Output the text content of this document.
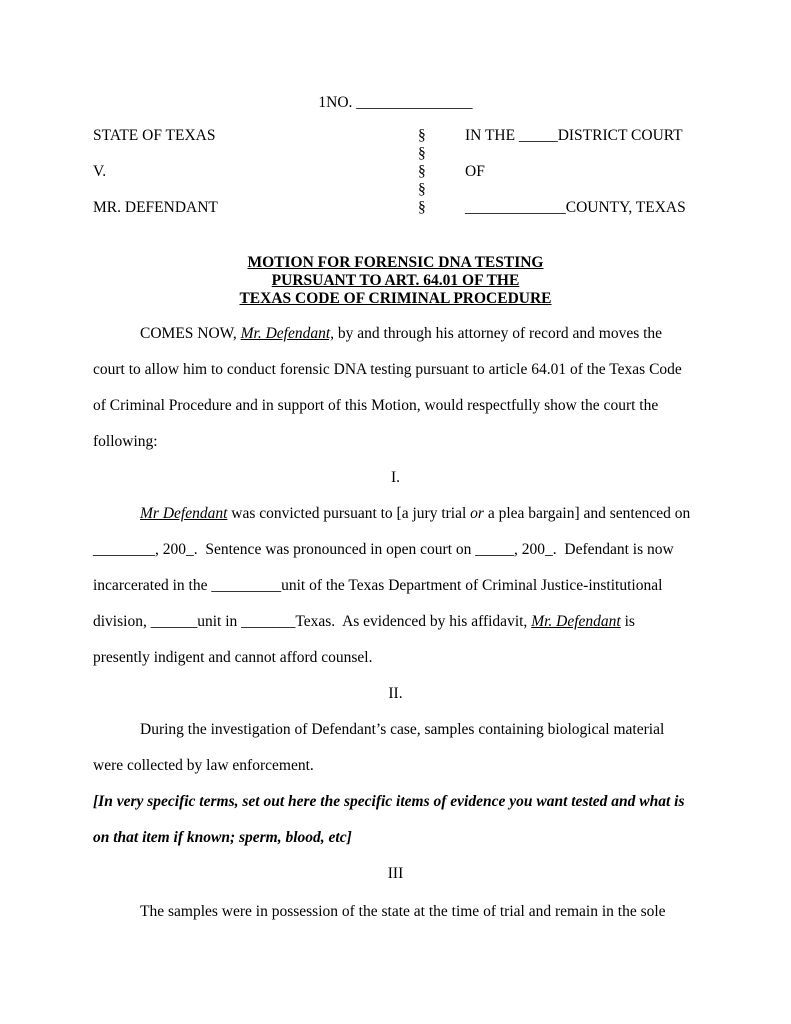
1NO. _______________
STATE OF TEXAS
V.
MR. DEFENDANT
§
§
§
§
§
IN THE _____DISTRICT COURT
OF
_____________COUNTY, TEXAS
MOTION FOR FORENSIC DNA TESTING
PURSUANT TO ART. 64.01 OF THE
TEXAS CODE OF CRIMINAL PROCEDURE
COMES NOW, Mr. Defendant, by and through his attorney of record and moves the
court to allow him to conduct forensic DNA testing pursuant to article 64.01 of the Texas Code
of Criminal Procedure and in support of this Motion, would respectfully show the court the
following:
I.
Mr Defendant was convicted pursuant to [a jury trial or a plea bargain] and sentenced on
________, 200_.  Sentence was pronounced in open court on _____, 200_.  Defendant is now
incarcerated in the _________unit of the Texas Department of Criminal Justice-institutional
division, ______unit in _______Texas.  As evidenced by his affidavit, Mr. Defendant is
presently indigent and cannot afford counsel.
II.
During the investigation of Defendant’s case, samples containing biological material
were collected by law enforcement.
[In very specific terms, set out here the specific items of evidence you want tested and what is
on that item if known; sperm, blood, etc]
III
The samples were in possession of the state at the time of trial and remain in the sole
